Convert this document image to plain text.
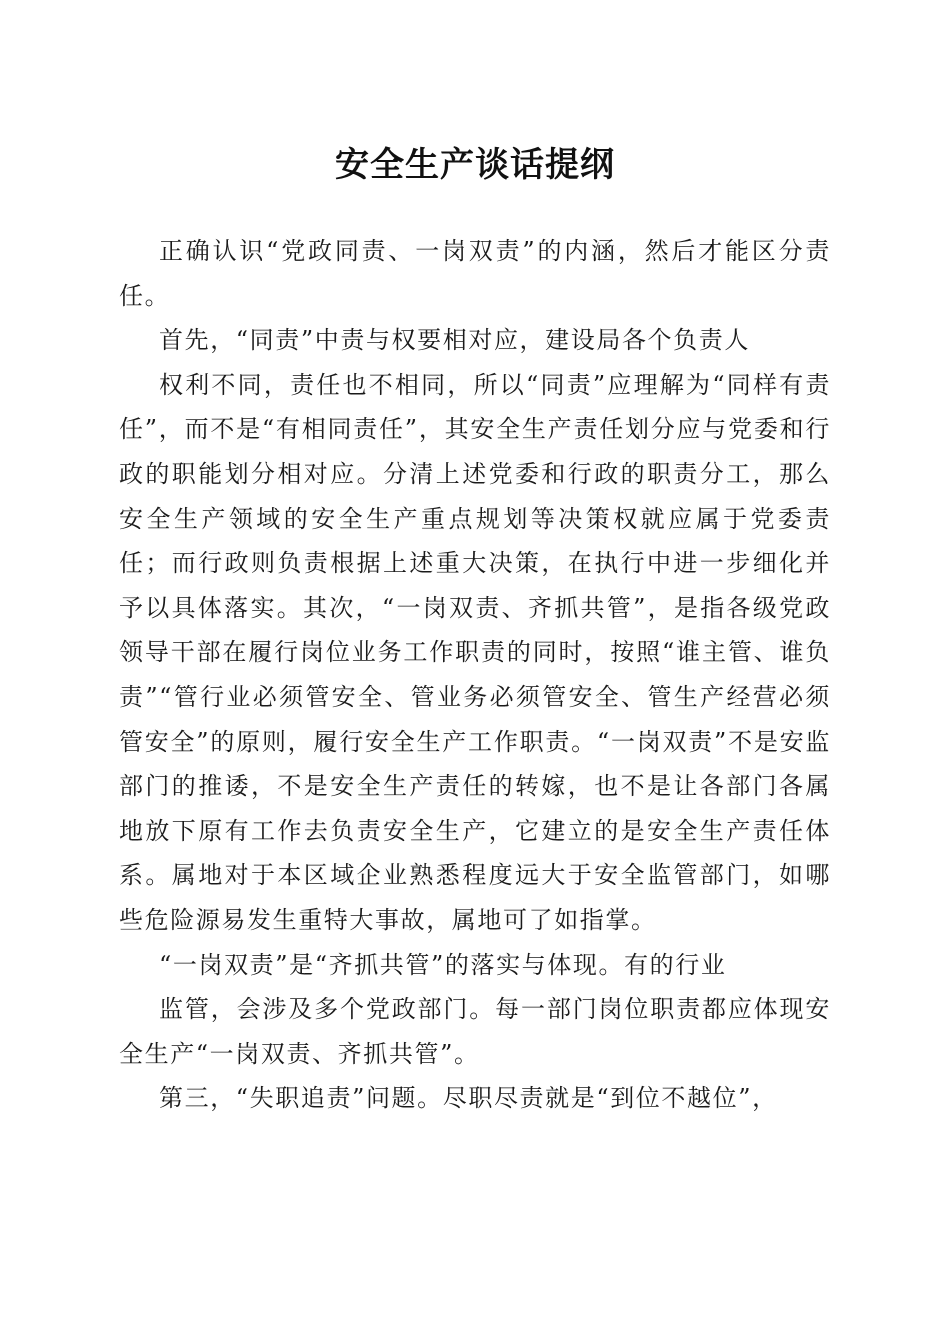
安全生产谈话提纲

正确认识“党政同责、一岗双责”的内涵，然后才能区分责任。

首先，“同责”中责与权要相对应，建设局各个负责人

权利不同，责任也不相同，所以“同责”应理解为“同样有责任”，而不是“有相同责任”，其安全生产责任划分应与党委和行政的职能划分相对应。分清上述党委和行政的职责分工，那么安全生产领域的安全生产重点规划等决策权就应属于党委责任；而行政则负责根据上述重大决策，在执行中进一步细化并予以具体落实。其次，“一岗双责、齐抓共管”，是指各级党政领导干部在履行岗位业务工作职责的同时，按照“谁主管、谁负责”“管行业必须管安全、管业务必须管安全、管生产经营必须管安全”的原则，履行安全生产工作职责。“一岗双责”不是安监部门的推诿，不是安全生产责任的转嫁，也不是让各部门各属地放下原有工作去负责安全生产，它建立的是安全生产责任体系。属地对于本区域企业熟悉程度远大于安全监管部门，如哪些危险源易发生重特大事故，属地可了如指掌。

“一岗双责”是“齐抓共管”的落实与体现。有的行业

监管，会涉及多个党政部门。每一部门岗位职责都应体现安全生产“一岗双责、齐抓共管”。

第三，“失职追责”问题。尽职尽责就是“到位不越位”，
